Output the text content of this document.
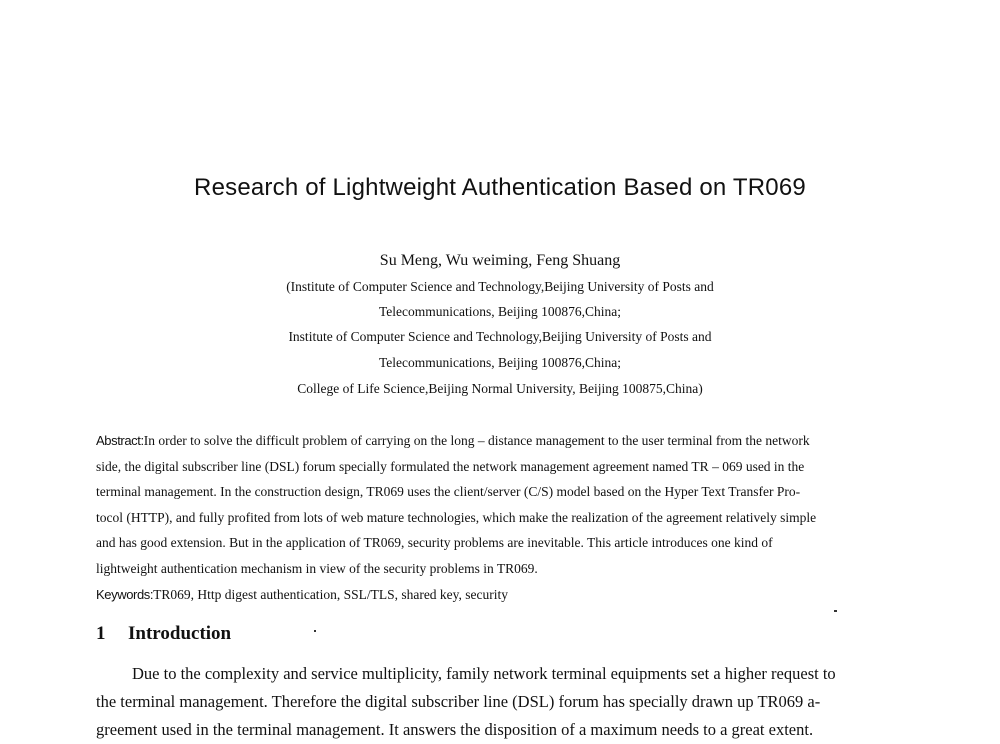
Research of Lightweight Authentication Based on TR069
Su Meng, Wu weiming, Feng Shuang
(Institute of Computer Science and Technology,Beijing University of Posts and
Telecommunications, Beijing 100876,China;
Institute of Computer Science and Technology,Beijing University of Posts and
Telecommunications, Beijing 100876,China;
College of Life Science,Beijing Normal University, Beijing 100875,China)
Abstract:In order to solve the difficult problem of carrying on the long – distance management to the user terminal from the network
side, the digital subscriber line (DSL) forum specially formulated the network management agreement named TR – 069 used in the
terminal management. In the construction design, TR069 uses the client/server (C/S) model based on the Hyper Text Transfer Pro-
tocol (HTTP), and fully profited from lots of web mature technologies, which make the realization of the agreement relatively simple
and has good extension. But in the application of TR069, security problems are inevitable. This article introduces one kind of
lightweight authentication mechanism in view of the security problems in TR069.
Keywords:TR069, Http digest authentication, SSL/TLS, shared key, security
1 Introduction
Due to the complexity and service multiplicity, family network terminal equipments set a higher request to
the terminal management. Therefore the digital subscriber line (DSL) forum has specially drawn up TR069 a-
greement used in the terminal management. It answers the disposition of a maximum needs to a great extent.
